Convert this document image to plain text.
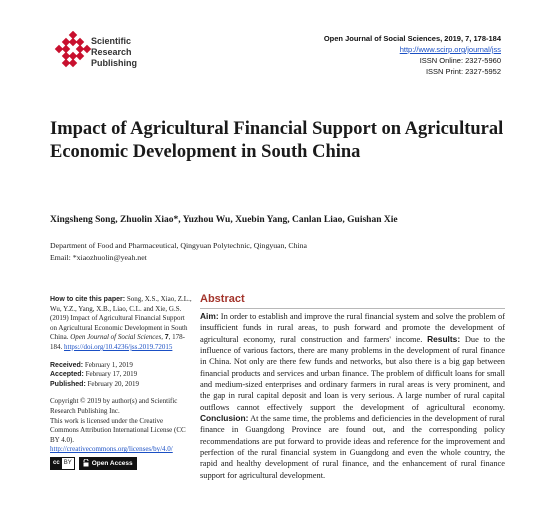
Scientific
Research
Publishing
Open Journal of Social Sciences, 2019, 7, 178-184
http://www.scirp.org/journal/jss
ISSN Online: 2327-5960
ISSN Print: 2327-5952
Impact of Agricultural Financial Support on Agricultural Economic Development in South China
Xingsheng Song, Zhuolin Xiao*, Yuzhou Wu, Xuebin Yang, Canlan Liao, Guishan Xie
Department of Food and Pharmaceutical, Qingyuan Polytechnic, Qingyuan, China
Email: *xiaozhuolin@yeah.net
How to cite this paper: Song, X.S., Xiao, Z.L., Wu, Y.Z., Yang, X.B., Liao, C.L. and Xie, G.S. (2019) Impact of Agricultural Financial Support on Agricultural Economic Development in South China. Open Journal of Social Sciences, 7, 178-184. https://doi.org/10.4236/jss.2019.72015
Received: February 1, 2019
Accepted: February 17, 2019
Published: February 20, 2019
Copyright © 2019 by author(s) and Scientific Research Publishing Inc.
This work is licensed under the Creative Commons Attribution International License (CC BY 4.0).
http://creativecommons.org/licenses/by/4.0/
cc BY	Open Access
Abstract
Aim: In order to establish and improve the rural financial system and solve the problem of insufficient funds in rural areas, to push forward and promote the development of agricultural economy, rural construction and farmers' income. Results: Due to the influence of various factors, there are many problems in the development of rural finance in China. Not only are there few funds and networks, but also there is a big gap between financial products and services and urban finance. The problem of difficult loans for small and medium-sized enterprises and ordinary farmers in rural areas is very prominent, and the gap in rural capital deposit and loan is very serious. A large number of rural capital outflows cannot effectively support the development of agricultural economy. Conclusion: At the same time, the problems and deficiencies in the development of rural finance in Guangdong Province are found out, and the corresponding policy recommendations are put forward to provide ideas and reference for the improvement and perfection of the rural financial system in Guangdong and even the whole country, the rapid and healthy development of rural finance, and the enhancement of rural finance support for agricultural development.
